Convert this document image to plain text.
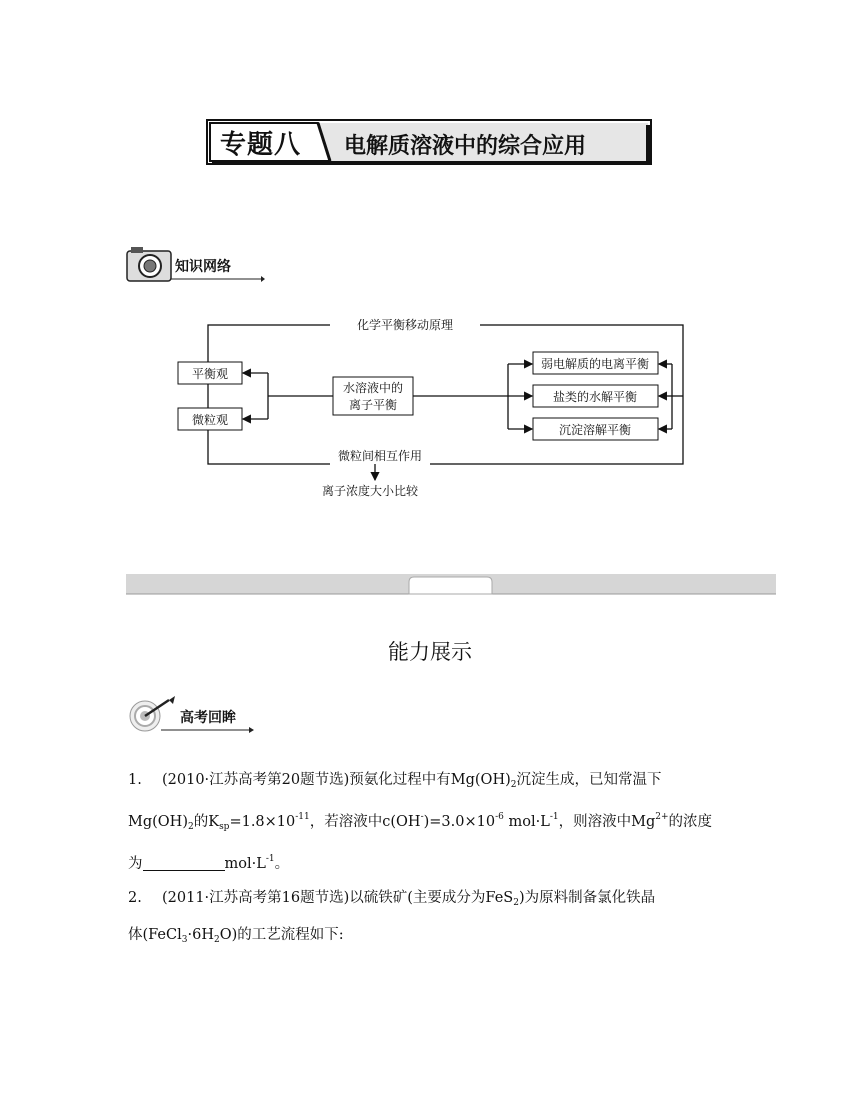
专题八 电解质溶液中的综合应用
知识网络
化学平衡移动原理
微粒间相互作用
平衡观
微粒观
水溶液中的
离子平衡
弱电解质的电离平衡
盐类的水解平衡
沉淀溶解平衡
离子浓度大小比较
能力展示
高考回眸
1. (2010·江苏高考第20题节选)预氨化过程中有$Mg(OH)_2$沉淀生成，已知常温下
$Mg(OH)_2$的$K_{sp}=1.8\times 10^{-11}$，若溶液中$c(OH^-)=3.0\times 10^{-6}$ $mol\cdot L^{-1}$，则溶液中$Mg^{2+}$的浓度
为	$mol\cdot L^{-1}$。
2. (2011·江苏高考第16题节选)以硫铁矿(主要成分为FeS$_2$)为原料制备氯化铁晶
体$(FeCl_3\cdot 6H_2O)$的工艺流程如下:
